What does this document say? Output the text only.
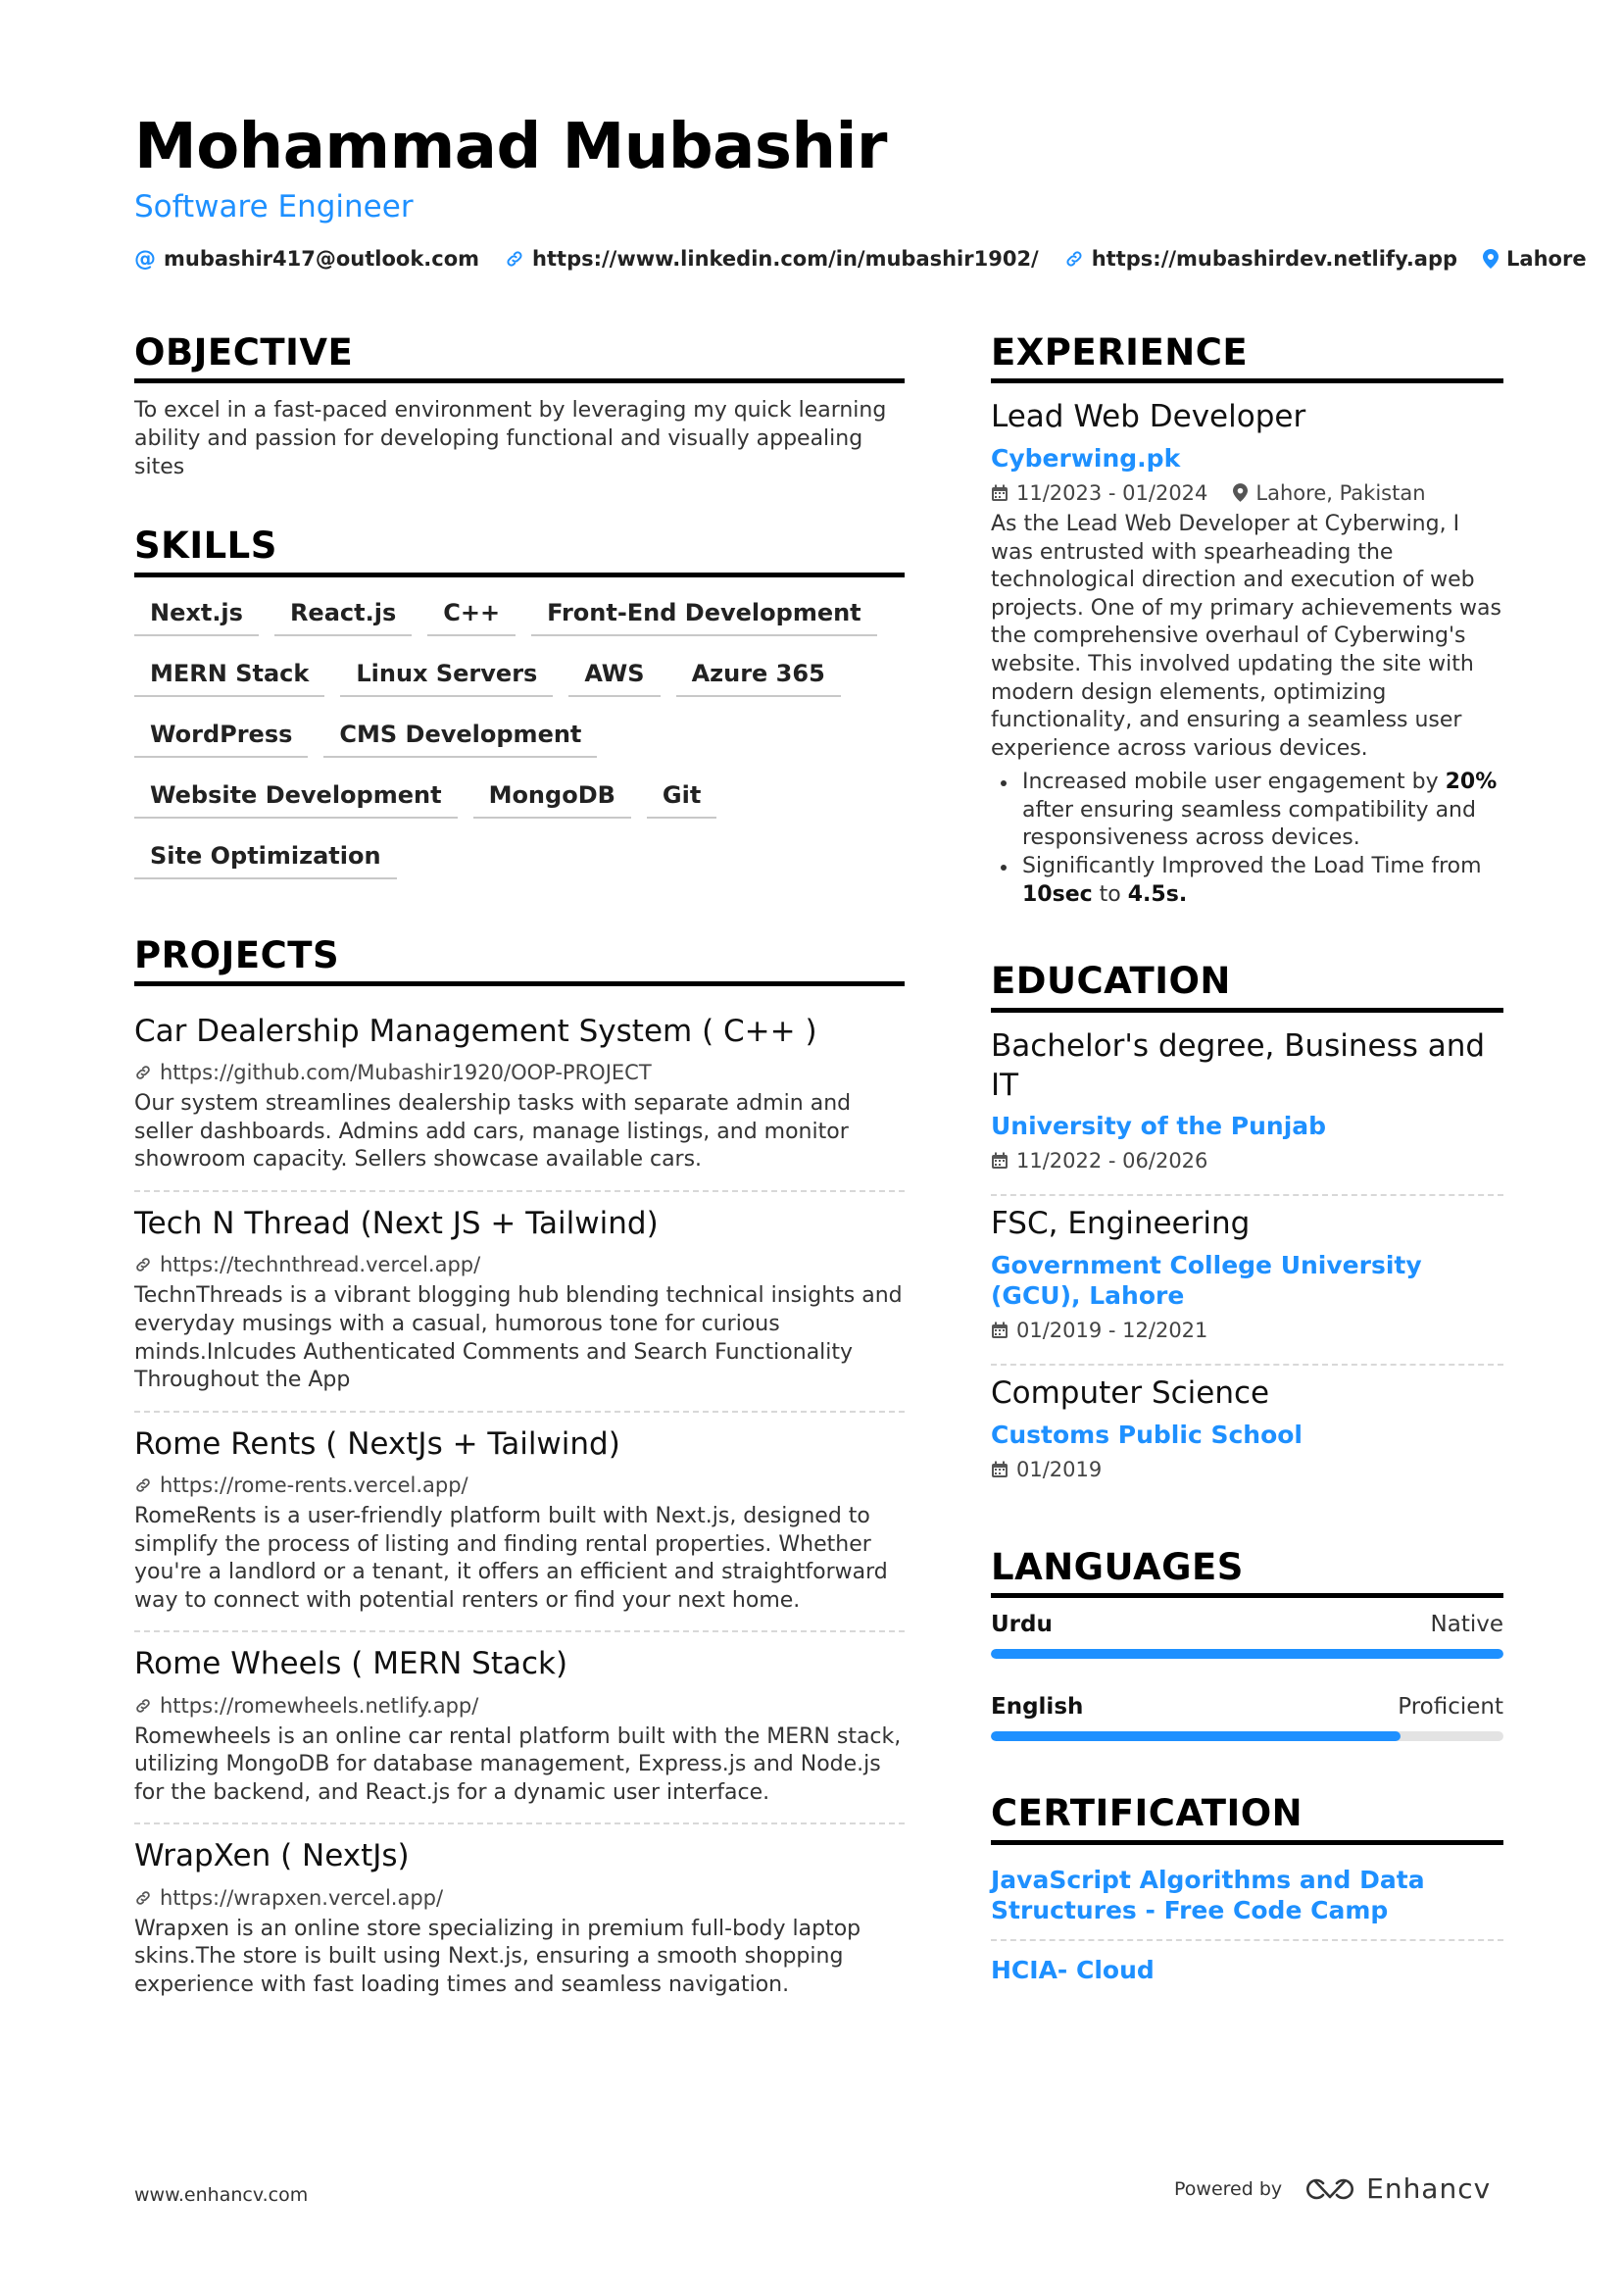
Mohammad Mubashir
Software Engineer
@ mubashir417@outlook.com	https://www.linkedin.com/in/mubashir1902/	https://mubashirdev.netlify.app Lahore
OBJECTIVE
To excel in a fast-paced environment by leveraging my quick learning ability and passion for developing functional and visually appealing sites
SKILLS
Next.js	React.js	C++	Front-End Development
MERN Stack	Linux Servers	AWS	Azure 365
WordPress	CMS Development
Website Development	MongoDB	Git
Site Optimization
PROJECTS
Car Dealership Management System ( C++ )
https://github.com/Mubashir1920/OOP-PROJECT
Our system streamlines dealership tasks with separate admin and seller dashboards. Admins add cars, manage listings, and monitor showroom capacity. Sellers showcase available cars.
Tech N Thread (Next JS + Tailwind)
https://technthread.vercel.app/
TechnThreads is a vibrant blogging hub blending technical insights and everyday musings with a casual, humorous tone for curious minds.Inlcudes Authenticated Comments and Search Functionality Throughout the App
Rome Rents ( NextJs + Tailwind)
https://rome-rents.vercel.app/
RomeRents is a user-friendly platform built with Next.js, designed to simplify the process of listing and finding rental properties. Whether you're a landlord or a tenant, it offers an efficient and straightforward way to connect with potential renters or find your next home.
Rome Wheels ( MERN Stack)
https://romewheels.netlify.app/
Romewheels is an online car rental platform built with the MERN stack, utilizing MongoDB for database management, Express.js and Node.js for the backend, and React.js for a dynamic user interface.
WrapXen ( NextJs)
https://wrapxen.vercel.app/
Wrapxen is an online store specializing in premium full-body laptop skins.The store is built using Next.js, ensuring a smooth shopping experience with fast loading times and seamless navigation.
EXPERIENCE
Lead Web Developer
Cyberwing.pk
11/2023 - 01/2024 Lahore, Pakistan
As the Lead Web Developer at Cyberwing, I was entrusted with spearheading the technological direction and execution of web projects. One of my primary achievements was the comprehensive overhaul of Cyberwing's website. This involved updating the site with modern design elements, optimizing functionality, and ensuring a seamless user experience across various devices.
Increased mobile user engagement by 20% after ensuring seamless compatibility and responsiveness across devices.
Significantly Improved the Load Time from 10sec to 4.5s.
EDUCATION
Bachelor's degree, Business and IT
University of the Punjab
11/2022 - 06/2026
FSC, Engineering
Government College University (GCU), Lahore
01/2019 - 12/2021
Computer Science
Customs Public School
01/2019
LANGUAGES
Urdu	Native
English	Proficient
CERTIFICATION
JavaScript Algorithms and Data Structures - Free Code Camp
HCIA- Cloud
www.enhancv.com	Powered by	Enhancv
